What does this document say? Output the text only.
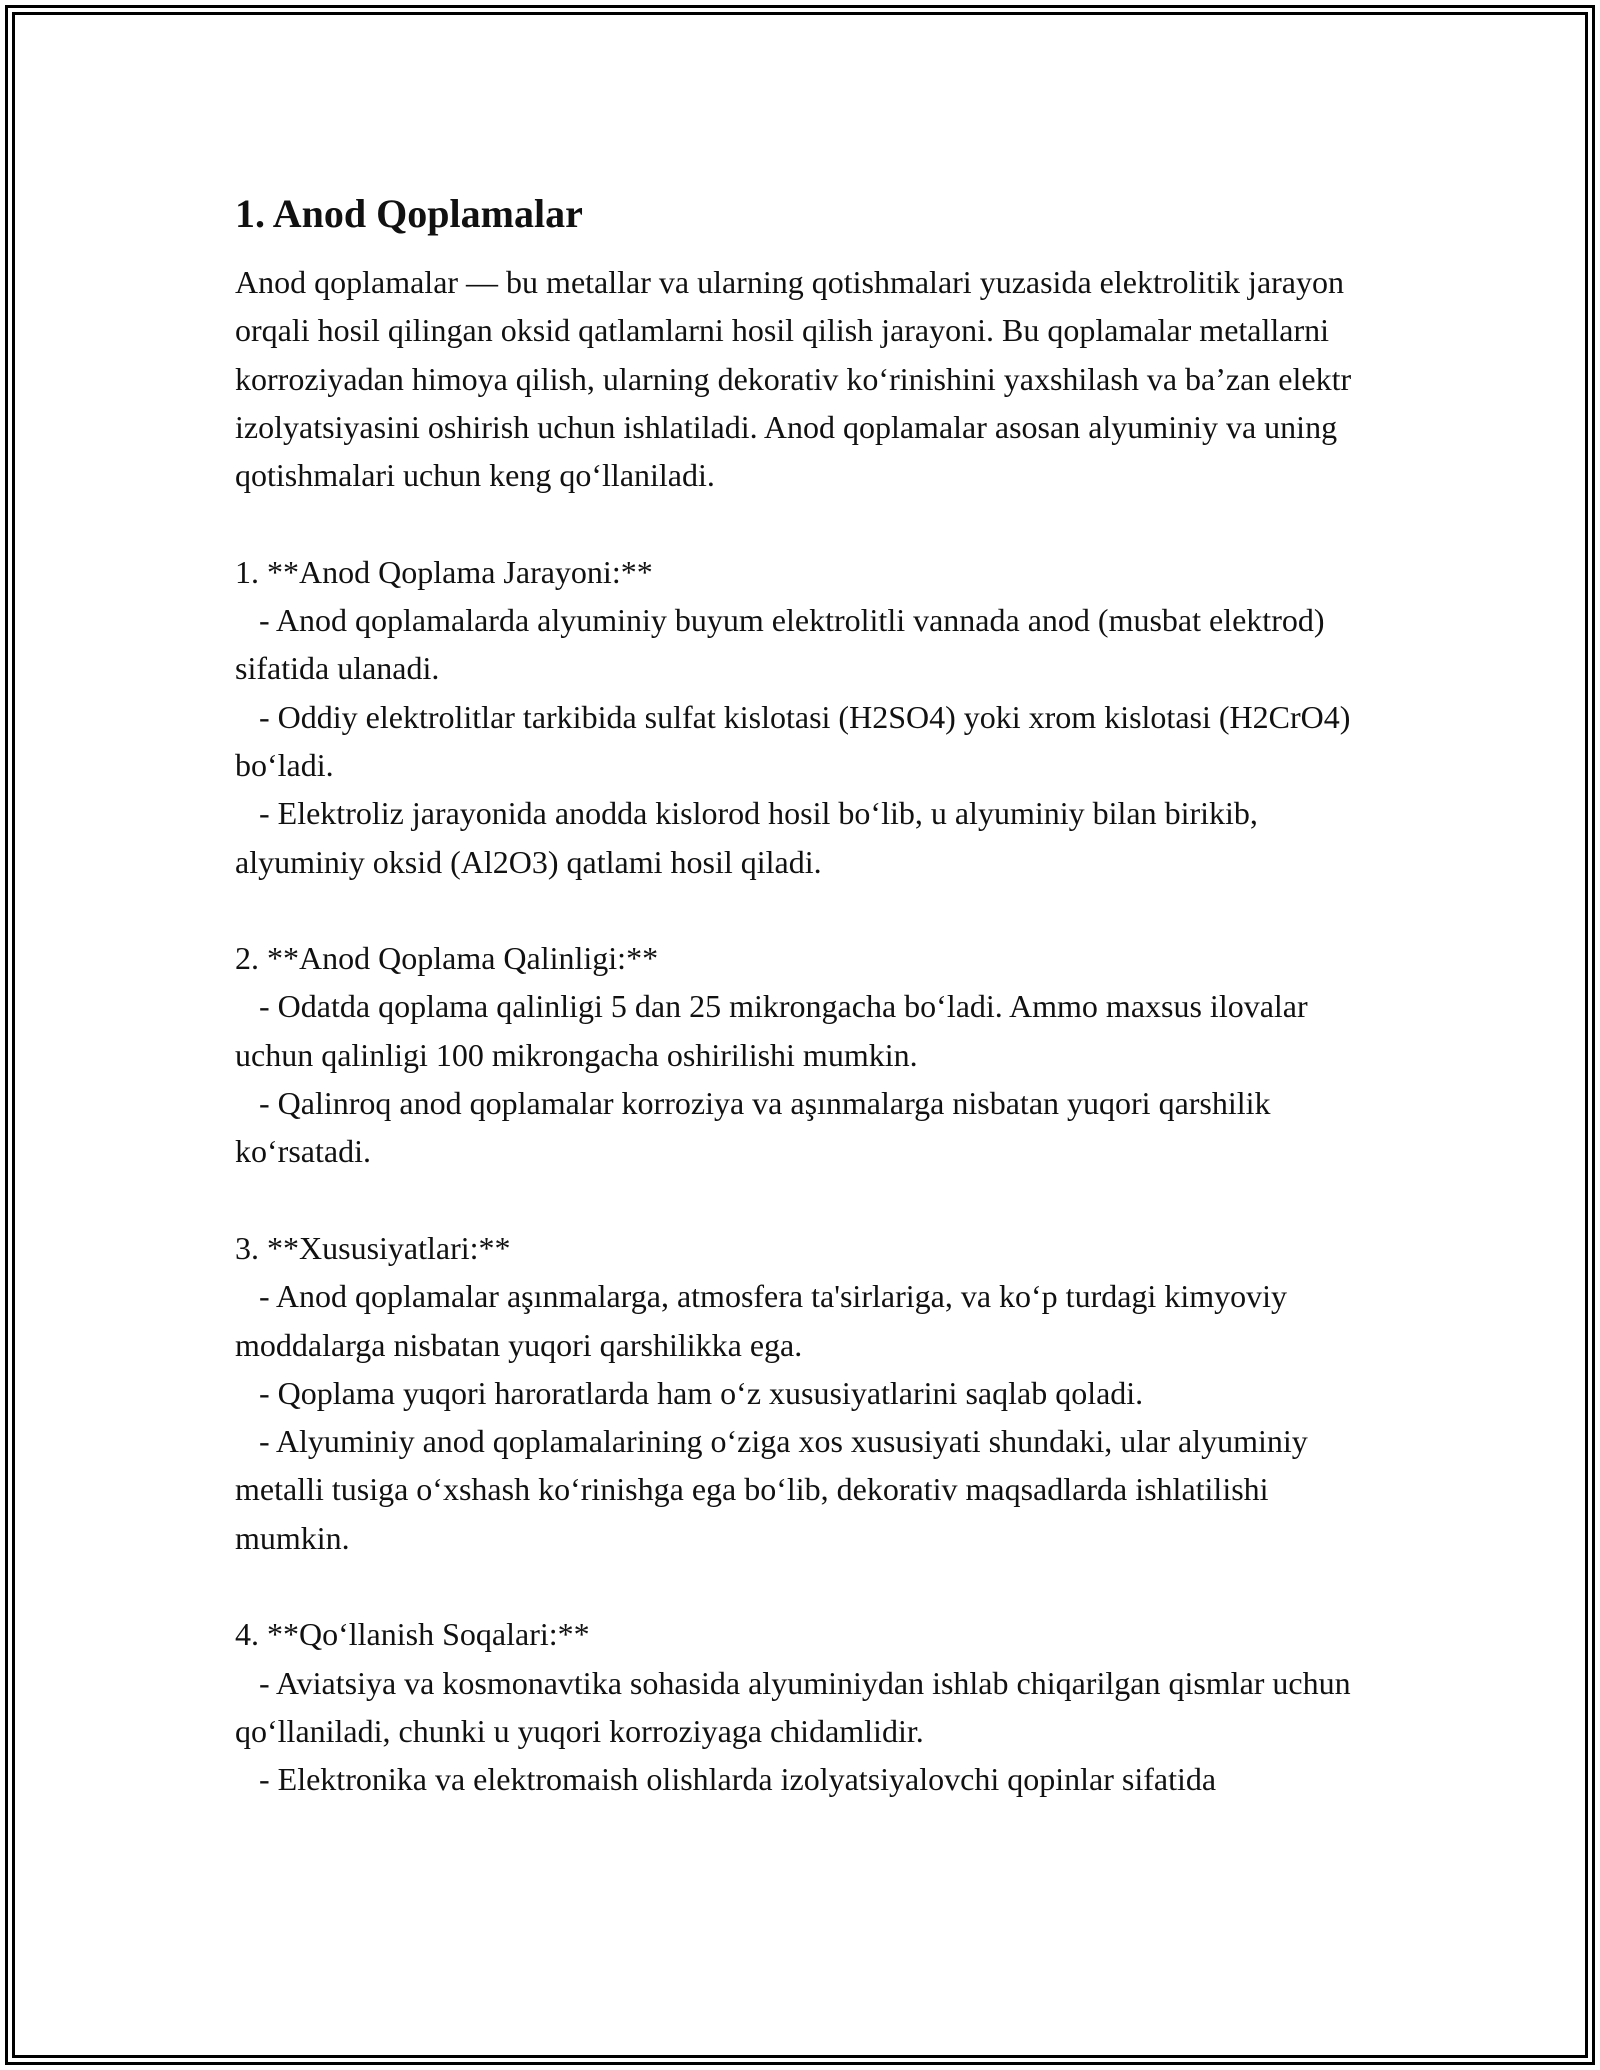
1. Anod Qoplamalar

Anod qoplamalar — bu metallar va ularning qotishmalari yuzasida elektrolitik jarayon orqali hosil qilingan oksid qatlamlarni hosil qilish jarayoni. Bu qoplamalar metallarni korroziyadan himoya qilish, ularning dekorativ ko‘rinishini yaxshilash va ba’zan elektr izolyatsiyasini oshirish uchun ishlatiladi. Anod qoplamalar asosan alyuminiy va uning qotishmalari uchun keng qo‘llaniladi.

1. **Anod Qoplama Jarayoni:**

- Anod qoplamalarda alyuminiy buyum elektrolitli vannada anod (musbat elektrod) sifatida ulanadi.

- Oddiy elektrolitlar tarkibida sulfat kislotasi (H2SO4) yoki xrom kislotasi (H2CrO4) bo‘ladi.

- Elektroliz jarayonida anodda kislorod hosil bo‘lib, u alyuminiy bilan birikib, alyuminiy oksid (Al2O3) qatlami hosil qiladi.

2. **Anod Qoplama Qalinligi:**

- Odatda qoplama qalinligi 5 dan 25 mikrongacha bo‘ladi. Ammo maxsus ilovalar uchun qalinligi 100 mikrongacha oshirilishi mumkin.

- Qalinroq anod qoplamalar korroziya va aşınmalarga nisbatan yuqori qarshilik ko‘rsatadi.

3. **Xususiyatlari:**

- Anod qoplamalar aşınmalarga, atmosfera ta'sirlariga, va ko‘p turdagi kimyoviy moddalarga nisbatan yuqori qarshilikka ega.

- Qoplama yuqori haroratlarda ham o‘z xususiyatlarini saqlab qoladi.

- Alyuminiy anod qoplamalarining o‘ziga xos xususiyati shundaki, ular alyuminiy metalli tusiga o‘xshash ko‘rinishga ega bo‘lib, dekorativ maqsadlarda ishlatilishi mumkin.

4. **Qo‘llanish Soqalari:**

- Aviatsiya va kosmonavtika sohasida alyuminiydan ishlab chiqarilgan qismlar uchun qo‘llaniladi, chunki u yuqori korroziyaga chidamlidir.

- Elektronika va elektromaish olishlarda izolyatsiyalovchi qopinlar sifatida
